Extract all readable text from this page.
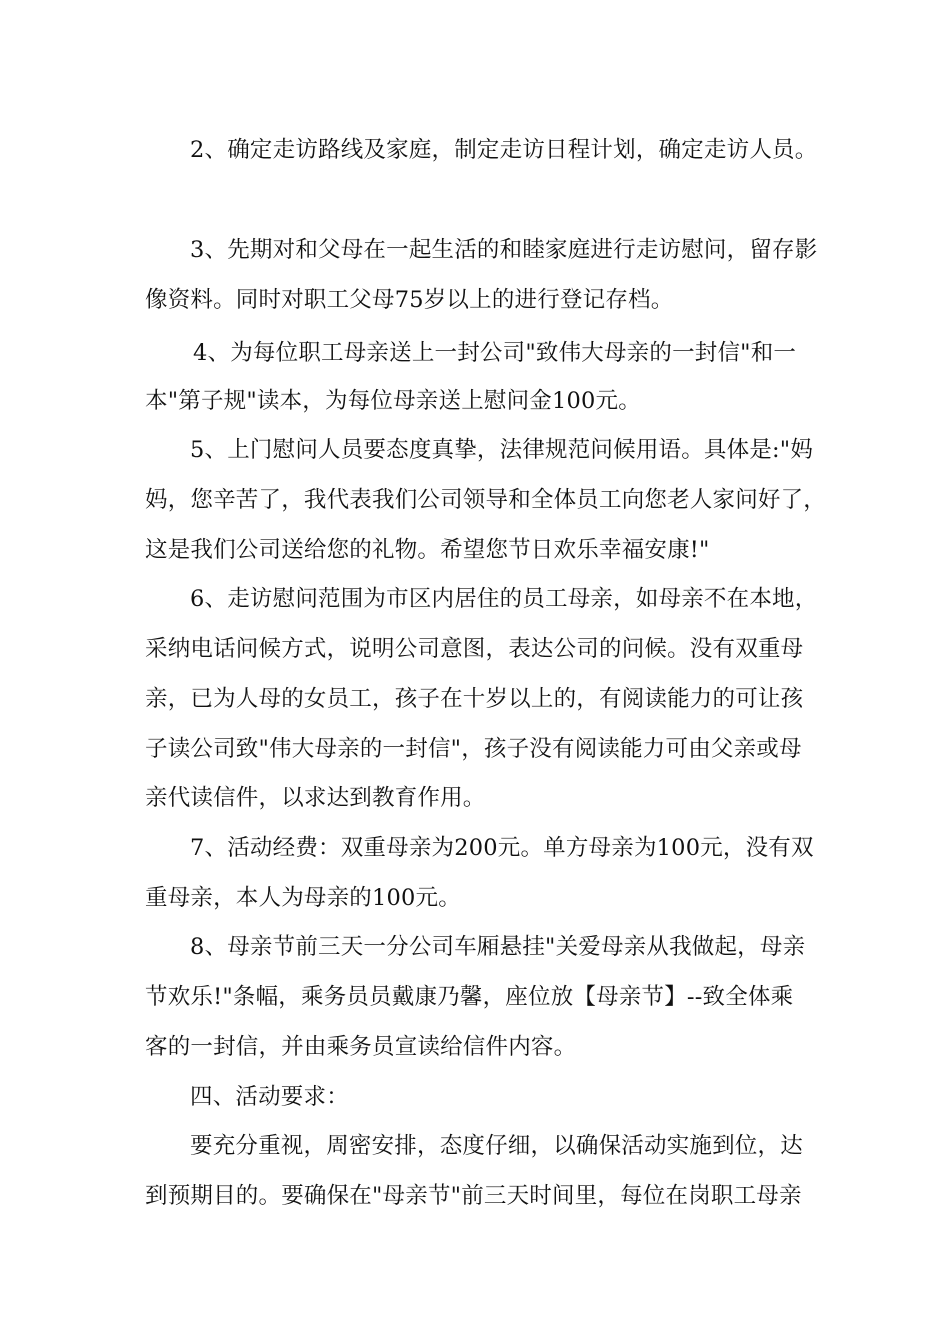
2、确定走访路线及家庭，制定走访日程计划，确定走访人员。
3、先期对和父母在一起生活的和睦家庭进行走访慰问，留存影
像资料。同时对职工父母75岁以上的进行登记存档。
4、为每位职工母亲送上一封公司"致伟大母亲的一封信"和一
本"第子规"读本，为每位母亲送上慰问金100元。
5、上门慰问人员要态度真挚，法律规范问候用语。具体是:"妈
妈，您辛苦了，我代表我们公司领导和全体员工向您老人家问好了，
这是我们公司送给您的礼物。希望您节日欢乐幸福安康!"
6、走访慰问范围为市区内居住的员工母亲，如母亲不在本地，
采纳电话问候方式，说明公司意图，表达公司的问候。没有双重母
亲，已为人母的女员工，孩子在十岁以上的，有阅读能力的可让孩
子读公司致"伟大母亲的一封信"，孩子没有阅读能力可由父亲或母
亲代读信件，以求达到教育作用。
7、活动经费：双重母亲为200元。单方母亲为100元，没有双
重母亲，本人为母亲的100元。
8、母亲节前三天一分公司车厢悬挂"关爱母亲从我做起，母亲
节欢乐!"条幅，乘务员员戴康乃馨，座位放【母亲节】--致全体乘
客的一封信，并由乘务员宣读给信件内容。
四、活动要求：
要充分重视，周密安排，态度仔细，以确保活动实施到位，达
到预期目的。要确保在"母亲节"前三天时间里，每位在岗职工母亲
